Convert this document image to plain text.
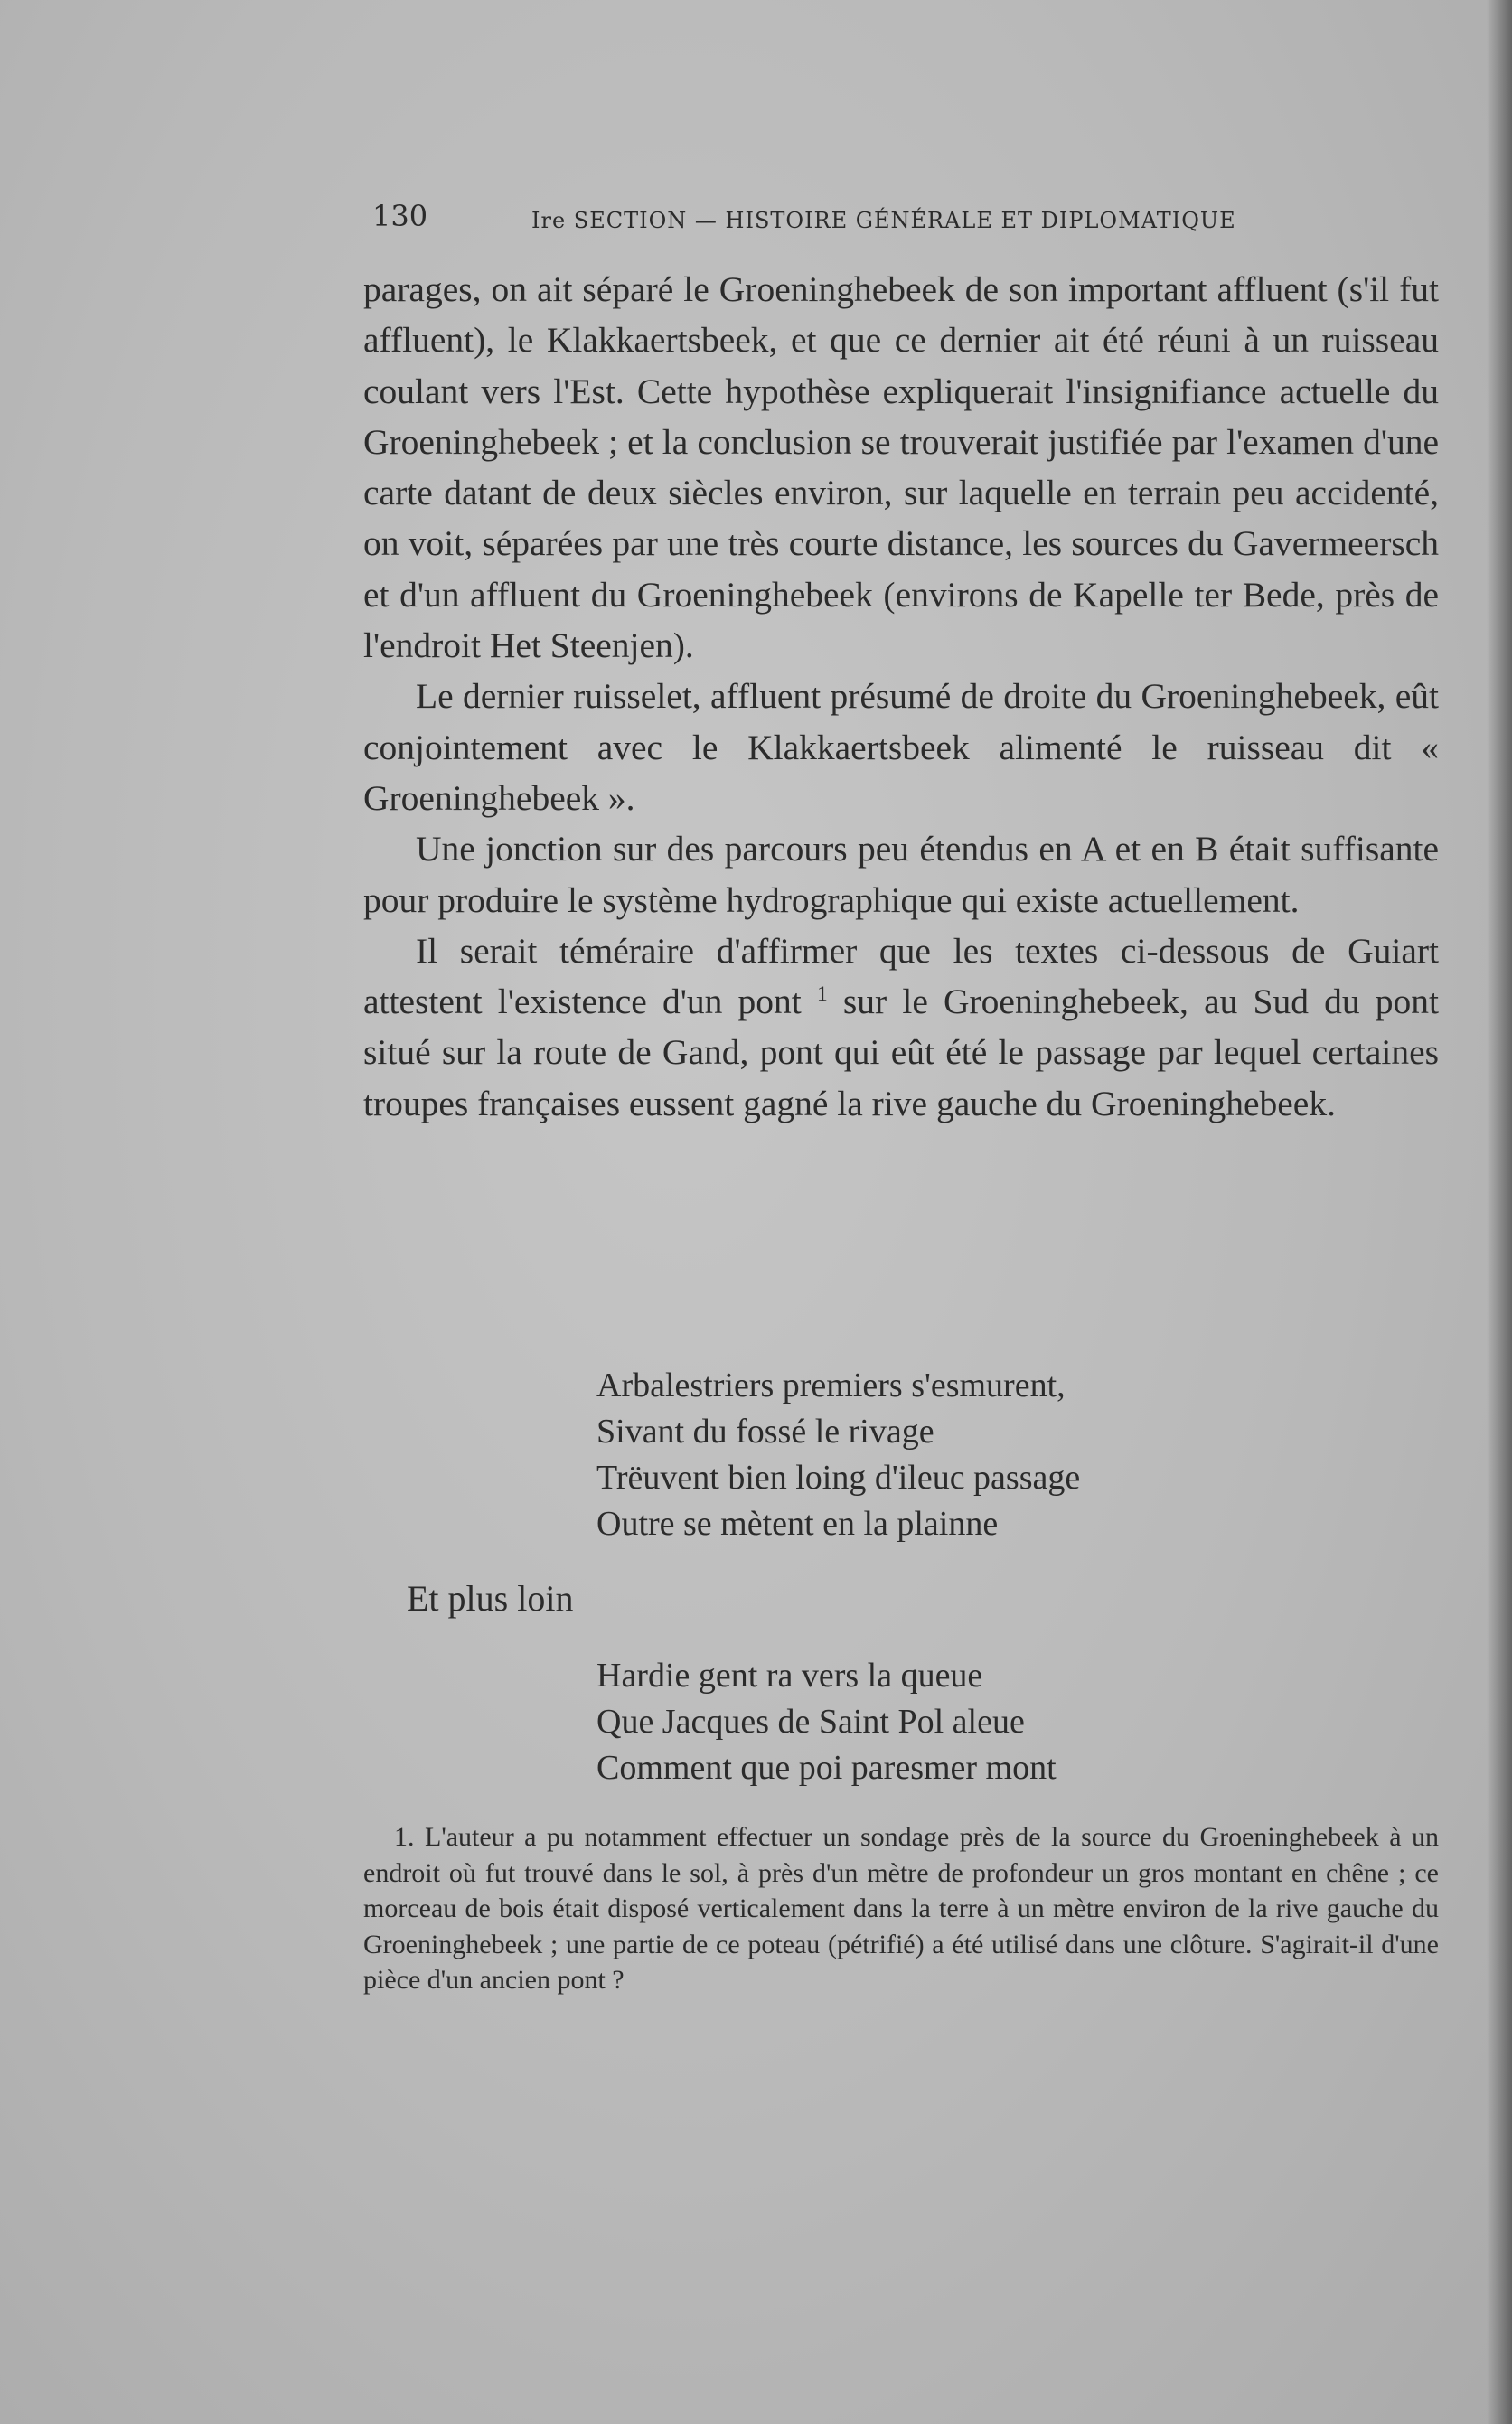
130	Ire SECTION — HISTOIRE GÉNÉRALE ET DIPLOMATIQUE

parages, on ait séparé le Groeninghebeek de son important affluent (s'il fut affluent), le Klakkaertsbeek, et que ce dernier ait été réuni à un ruisseau coulant vers l'Est. Cette hypothèse expliquerait l'insignifiance actuelle du Groeninghebeek ; et la conclusion se trouverait justifiée par l'examen d'une carte datant de deux siècles environ, sur laquelle en terrain peu accidenté, on voit, séparées par une très courte distance, les sources du Gavermeersch et d'un affluent du Groeninghebeek (environs de Kapelle ter Bede, près de l'endroit Het Steenjen).

Le dernier ruisselet, affluent présumé de droite du Groeninghebeek, eût conjointement avec le Klakkaertsbeek alimenté le ruisseau dit « Groeninghebeek ».

Une jonction sur des parcours peu étendus en A et en B était suffisante pour produire le système hydrographique qui existe actuellement.

Il serait téméraire d'affirmer que les textes ci-dessous de Guiart attestent l'existence d'un pont $^1$ sur le Groeninghebeek, au Sud du pont situé sur la route de Gand, pont qui eût été le passage par lequel certaines troupes françaises eussent gagné la rive gauche du Groeninghebeek.

Arbalestriers premiers s'esmurent,
Sivant du fossé le rivage
Trëuvent bien loing d'ileuc passage
Outre se mètent en la plainne
Et plus loin
Hardie gent ra vers la queue
Que Jacques de Saint Pol aleue
Comment que poi paresmer mont

1. L'auteur a pu notamment effectuer un sondage près de la source du Groeninghebeek à un endroit où fut trouvé dans le sol, à près d'un mètre de profondeur un gros montant en chêne ; ce morceau de bois était disposé verticalement dans la terre à un mètre environ de la rive gauche du Groeninghebeek ; une partie de ce poteau (pétrifié) a été utilisé dans une clôture. S'agirait-il d'une pièce d'un ancien pont ?
